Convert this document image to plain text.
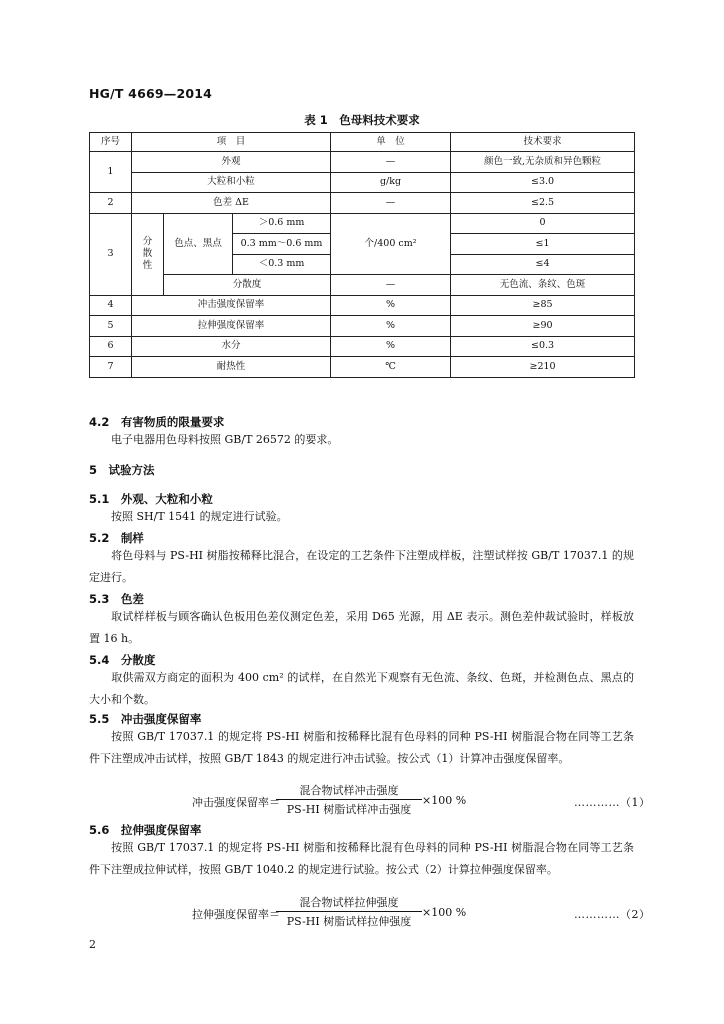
HG/T 4669—2014
表 1　色母料技术要求
序号	项　目			单　位	技术要求
1	外观			—	颜色一致,无杂质和异色颗粒
	大粒和小粒			g/kg	≤3.0
2	色差 ΔE			—	≤2.5
3	分散性	色点、黑点	＞0.6 mm	个/400 cm²	0
			0.3 mm～0.6 mm		≤1
			＜0.3 mm		≤4
		分散度		—	无色流、条纹、色斑
4	冲击强度保留率			%	≥85
5	拉伸强度保留率			%	≥90
6	水分			%	≤0.3
7	耐热性			℃	≥210
4.2　有害物质的限量要求
电子电器用色母料按照 GB/T 26572 的要求。
5　试验方法
5.1　外观、大粒和小粒
按照 SH/T 1541 的规定进行试验。
5.2　制样
将色母料与 PS-HI 树脂按稀释比混合，在设定的工艺条件下注塑成样板，注塑试样按 GB/T 17037.1 的规定进行。
5.3　色差
取试样样板与顾客确认色板用色差仪测定色差，采用 D65 光源，用 ΔE 表示。测色差仲裁试验时，样板放置 16 h。
5.4　分散度
取供需双方商定的面积为 400 cm² 的试样，在自然光下观察有无色流、条纹、色斑，并检测色点、黑点的大小和个数。
5.5　冲击强度保留率
按照 GB/T 17037.1 的规定将 PS-HI 树脂和按稀释比混有色母料的同种 PS-HI 树脂混合物在同等工艺条件下注塑成冲击试样，按照 GB/T 1843 的规定进行冲击试验。按公式（1）计算冲击强度保留率。
冲击强度保留率＝
混合物试样冲击强度
PS-HI 树脂试样冲击强度
×100 %	…………（1）
5.6　拉伸强度保留率
按照 GB/T 17037.1 的规定将 PS-HI 树脂和按稀释比混有色母料的同种 PS-HI 树脂混合物在同等工艺条件下注塑成拉伸试样，按照 GB/T 1040.2 的规定进行试验。按公式（2）计算拉伸强度保留率。
拉伸强度保留率＝
混合物试样拉伸强度
PS-HI 树脂试样拉伸强度
×100 %	…………（2）
2
